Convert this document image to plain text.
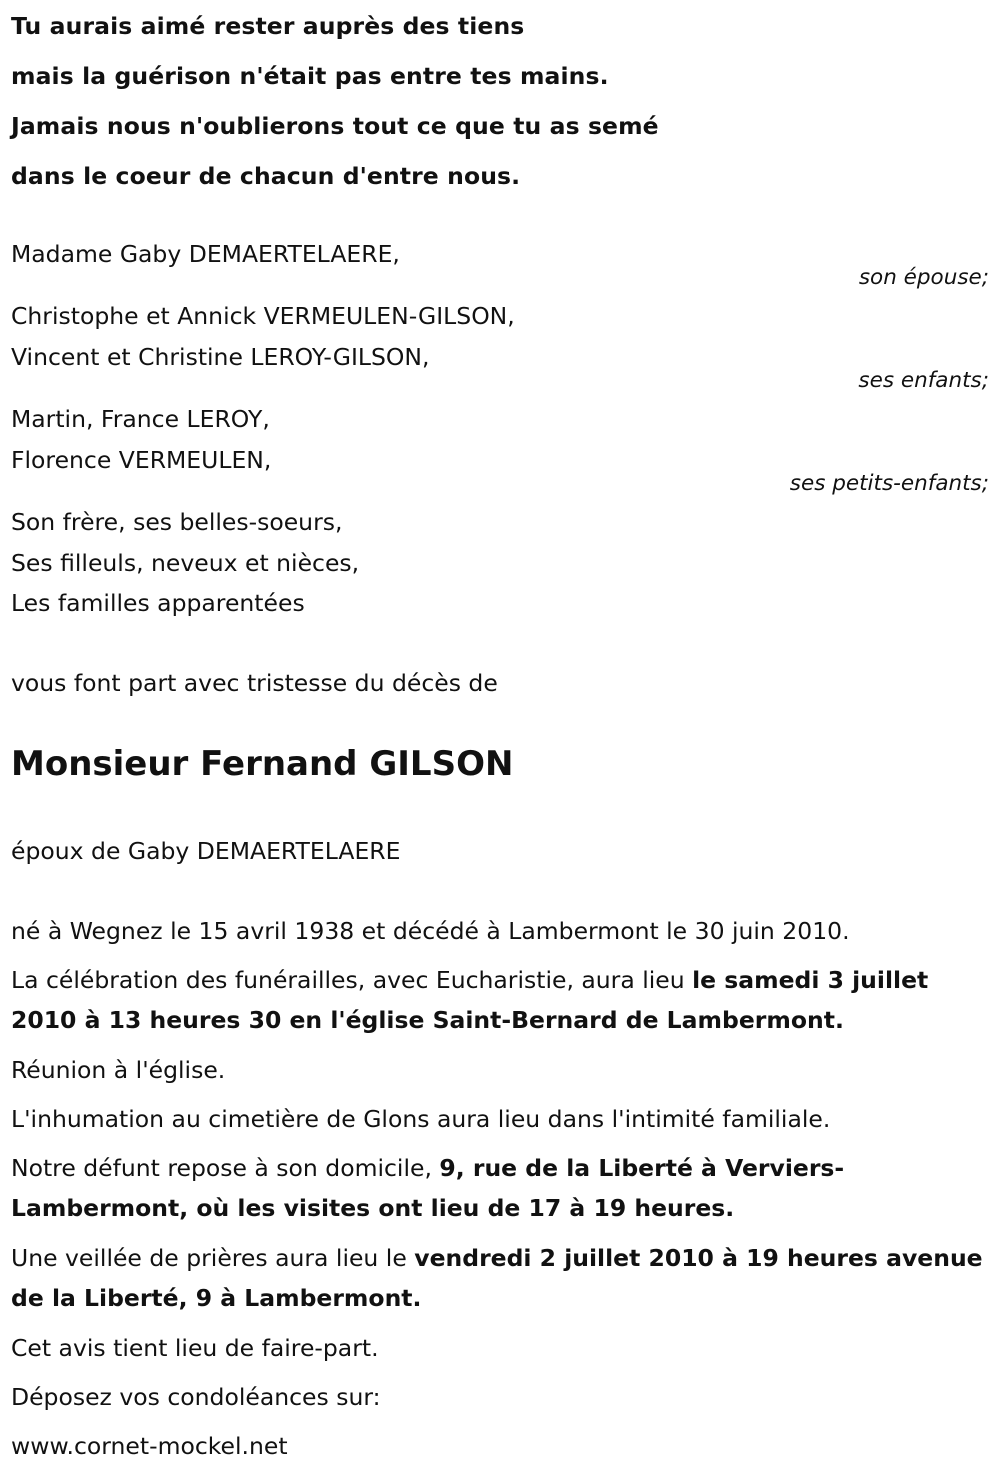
Tu aurais aimé rester auprès des tiens
mais la guérison n'était pas entre tes mains.
Jamais nous n'oublierons tout ce que tu as semé
dans le coeur de chacun d'entre nous.
Madame Gaby DEMAERTELAERE,
son épouse;
Christophe et Annick VERMEULEN-GILSON,
Vincent et Christine LEROY-GILSON,
ses enfants;
Martin, France LEROY,
Florence VERMEULEN,
ses petits-enfants;
Son frère, ses belles-soeurs,
Ses filleuls, neveux et nièces,
Les familles apparentées
vous font part avec tristesse du décès de
Monsieur Fernand GILSON
époux de Gaby DEMAERTELAERE
né à Wegnez le 15 avril 1938 et décédé à Lambermont le 30 juin 2010.
La célébration des funérailles, avec Eucharistie, aura lieu le samedi 3 juillet 2010 à 13 heures 30 en l'église Saint-Bernard de Lambermont.
Réunion à l'église.
L'inhumation au cimetière de Glons aura lieu dans l'intimité familiale.
Notre défunt repose à son domicile, 9, rue de la Liberté à Verviers-Lambermont, où les visites ont lieu de 17 à 19 heures.
Une veillée de prières aura lieu le vendredi 2 juillet 2010 à 19 heures avenue de la Liberté, 9 à Lambermont.
Cet avis tient lieu de faire-part.
Déposez vos condoléances sur:
www.cornet-mockel.net
